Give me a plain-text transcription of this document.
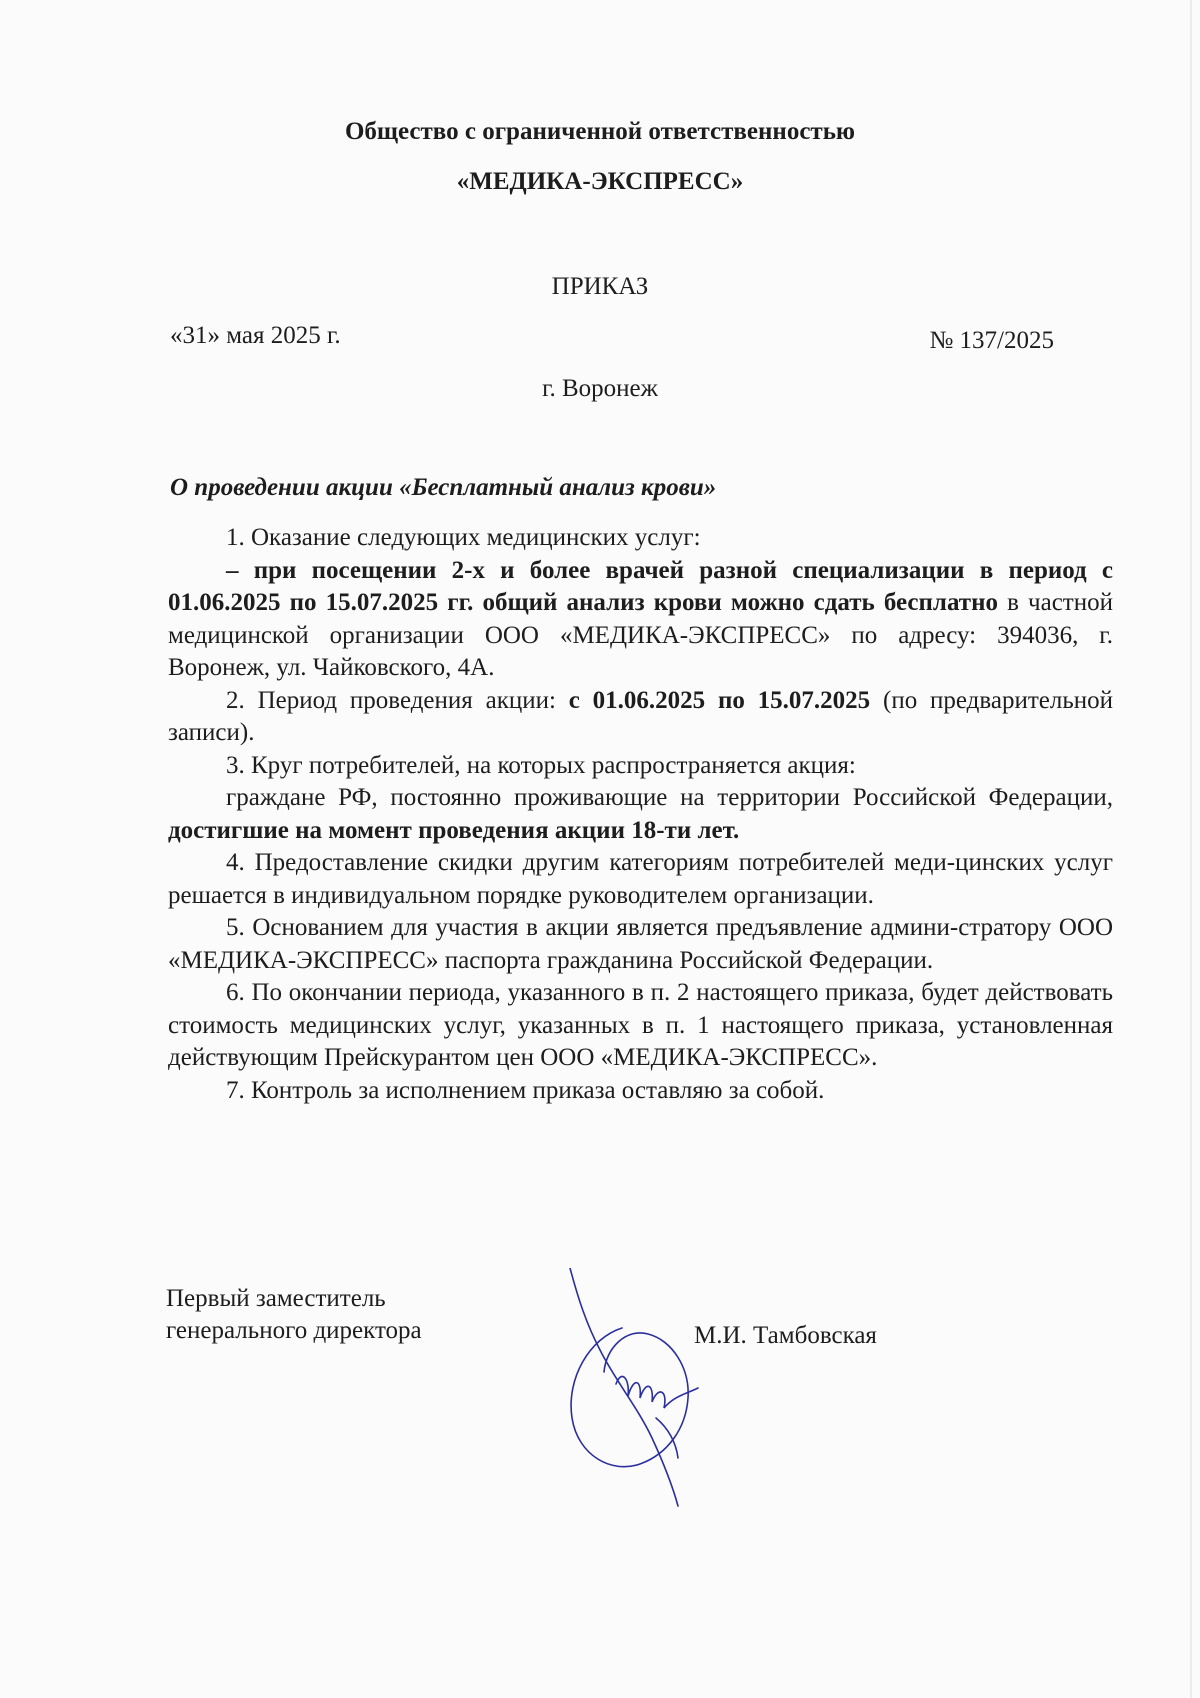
Общество с ограниченной ответственностью
«МЕДИКА-ЭКСПРЕСС»
ПРИКАЗ
«31» мая 2025 г.	№ 137/2025
г. Воронеж
О проведении акции «Бесплатный анализ крови»
1. Оказание следующих медицинских услуг:
– при посещении 2-х и более врачей разной специализации в период с 01.06.2025 по 15.07.2025 гг. общий анализ крови можно сдать бесплатно в частной медицинской организации ООО «МЕДИКА-ЭКСПРЕСС» по адресу: 394036, г. Воронеж, ул. Чайковского, 4А.
2. Период проведения акции: с 01.06.2025 по 15.07.2025 (по предварительной записи).
3. Круг потребителей, на которых распространяется акция:
граждане РФ, постоянно проживающие на территории Российской Федерации, достигшие на момент проведения акции 18-ти лет.
4. Предоставление скидки другим категориям потребителей меди-цинских услуг решается в индивидуальном порядке руководителем организации.
5. Основанием для участия в акции является предъявление админи-стратору ООО «МЕДИКА-ЭКСПРЕСС» паспорта гражданина Российской Федерации.
6. По окончании периода, указанного в п. 2 настоящего приказа, будет действовать стоимость медицинских услуг, указанных в п. 1 настоящего приказа, установленная действующим Прейскурантом цен ООО «МЕДИКА-ЭКСПРЕСС».
7. Контроль за исполнением приказа оставляю за собой.
Первый заместитель генерального директора	М.И. Тамбовская
